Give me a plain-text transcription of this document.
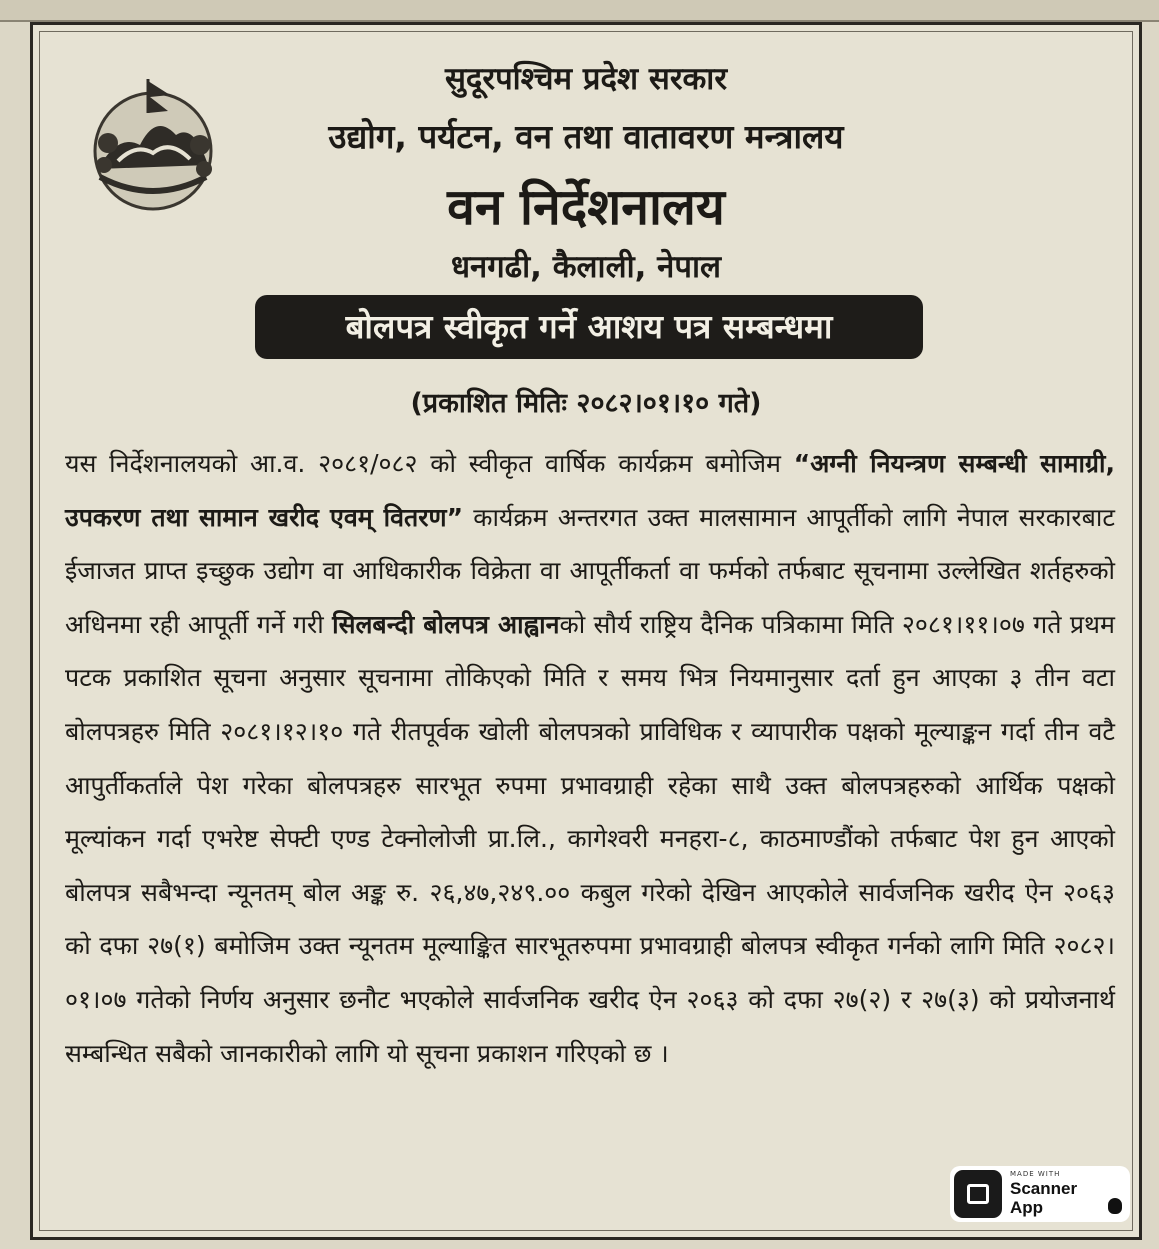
सुदूरपश्चिम प्रदेश सरकार
उद्योग, पर्यटन, वन तथा वातावरण मन्त्रालय
वन निर्देशनालय
धनगढी, कैलाली, नेपाल
बोलपत्र स्वीकृत गर्ने आशय पत्र सम्बन्धमा
(प्रकाशित मितिः २०८२।०१।१० गते)
यस निर्देशनालयको आ.व. २०८१/०८२ को स्वीकृत वार्षिक कार्यक्रम बमोजिम “अग्नी नियन्त्रण सम्बन्धी सामाग्री, उपकरण तथा सामान खरीद एवम् वितरण” कार्यक्रम अन्तरगत उक्त मालसामान आपूर्तीको लागि नेपाल सरकारबाट ईजाजत प्राप्त इच्छुक उद्योग वा आधिकारीक विक्रेता वा आपूर्तीकर्ता वा फर्मको तर्फबाट सूचनामा उल्लेखित शर्तहरुको अधिनमा रही आपूर्ती गर्ने गरी सिलबन्दी बोलपत्र आह्वानको सौर्य राष्ट्रिय दैनिक पत्रिकामा मिति २०८१।११।०७ गते प्रथम पटक प्रकाशित सूचना अनुसार सूचनामा तोकिएको मिति र समय भित्र नियमानुसार दर्ता हुन आएका ३ तीन वटा बोलपत्रहरु मिति २०८१।१२।१० गते रीतपूर्वक खोली बोलपत्रको प्राविधिक र व्यापारीक पक्षको मूल्याङ्कन गर्दा तीन वटै आपुर्तीकर्ताले पेश गरेका बोलपत्रहरु सारभूत रुपमा प्रभावग्राही रहेका साथै उक्त बोलपत्रहरुको आर्थिक पक्षको मूल्यांकन गर्दा एभरेष्ट सेफ्टी एण्ड टेक्नोलोजी प्रा.लि., कागेश्वरी मनहरा-८, काठमाण्डौंको तर्फबाट पेश हुन आएको बोलपत्र सबैभन्दा न्यूनतम् बोल अङ्क रु. २६,४७,२४९.०० कबुल गरेको देखिन आएकोले सार्वजनिक खरीद ऐन २०६३ को दफा २७(१) बमोजिम उक्त न्यूनतम मूल्याङ्कित सारभूतरुपमा प्रभावग्राही बोलपत्र स्वीकृत गर्नको लागि मिति २०८२।०१।०७ गतेको निर्णय अनुसार छनौट भएकोले सार्वजनिक खरीद ऐन २०६३ को दफा २७(२) र २७(३) को प्रयोजनार्थ सम्बन्धित सबैको जानकारीको लागि यो सूचना प्रकाशन गरिएको छ ।
MADE WITH
Scanner App
